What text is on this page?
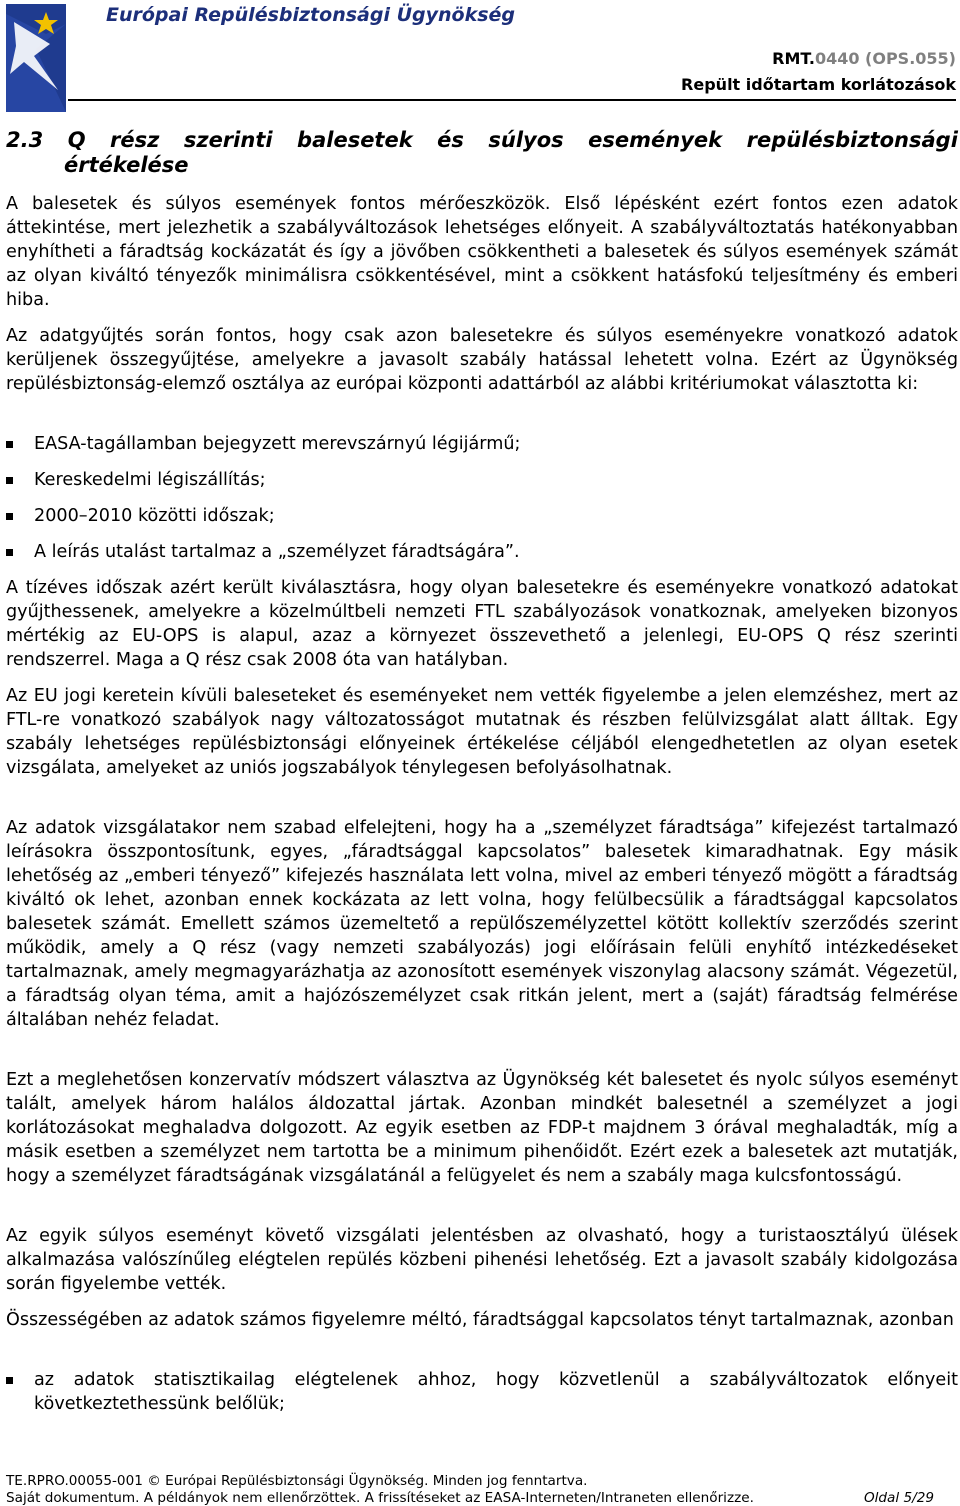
Európai Repülésbiztonsági Ügynökség
RMT.0440 (OPS.055)
Repült időtartam korlátozások
2.3 Q rész szerinti balesetek és súlyos események repülésbiztonsági
értékelése

A balesetek és súlyos események fontos mérőeszközök. Első lépésként ezért fontos ezen adatok áttekintése, mert jelezhetik a szabályváltozások lehetséges előnyeit. A szabályváltoztatás hatékonyabban enyhítheti a fáradtság kockázatát és így a jövőben csökkentheti a balesetek és súlyos események számát az olyan kiváltó tényezők minimálisra csökkentésével, mint a csökkent hatásfokú teljesítmény és emberi hiba.

Az adatgyűjtés során fontos, hogy csak azon balesetekre és súlyos eseményekre vonatkozó adatok kerüljenek összegyűjtése, amelyekre a javasolt szabály hatással lehetett volna. Ezért az Ügynökség repülésbiztonság-elemző osztálya az európai központi adattárból az alábbi kritériumokat választotta ki:

EASA-tagállamban bejegyzett merevszárnyú légijármű;
Kereskedelmi légiszállítás;
2000–2010 közötti időszak;
A leírás utalást tartalmaz a „személyzet fáradtságára”.

A tízéves időszak azért került kiválasztásra, hogy olyan balesetekre és eseményekre vonatkozó adatokat gyűjthessenek, amelyekre a közelmúltbeli nemzeti FTL szabályozások vonatkoznak, amelyeken bizonyos mértékig az EU-OPS is alapul, azaz a környezet összevethető a jelenlegi, EU-OPS Q rész szerinti rendszerrel. Maga a Q rész csak 2008 óta van hatályban.

Az EU jogi keretein kívüli baleseteket és eseményeket nem vették figyelembe a jelen elemzéshez, mert az FTL-re vonatkozó szabályok nagy változatosságot mutatnak és részben felülvizsgálat alatt álltak. Egy szabály lehetséges repülésbiztonsági előnyeinek értékelése céljából elengedhetetlen az olyan esetek vizsgálata, amelyeket az uniós jogszabályok ténylegesen befolyásolhatnak.

Az adatok vizsgálatakor nem szabad elfelejteni, hogy ha a „személyzet fáradtsága” kifejezést tartalmazó leírásokra összpontosítunk, egyes, „fáradtsággal kapcsolatos” balesetek kimaradhatnak. Egy másik lehetőség az „emberi tényező” kifejezés használata lett volna, mivel az emberi tényező mögött a fáradtság kiváltó ok lehet, azonban ennek kockázata az lett volna, hogy felülbecsülik a fáradtsággal kapcsolatos balesetek számát. Emellett számos üzemeltető a repülőszemélyzettel kötött kollektív szerződés szerint működik, amely a Q rész (vagy nemzeti szabályozás) jogi előírásain felüli enyhítő intézkedéseket tartalmaznak, amely megmagyarázhatja az azonosított események viszonylag alacsony számát. Végezetül, a fáradtság olyan téma, amit a hajózószemélyzet csak ritkán jelent, mert a (saját) fáradtság felmérése általában nehéz feladat.

Ezt a meglehetősen konzervatív módszert választva az Ügynökség két balesetet és nyolc súlyos eseményt talált, amelyek három halálos áldozattal jártak. Azonban mindkét balesetnél a személyzet a jogi korlátozásokat meghaladva dolgozott. Az egyik esetben az FDP-t majdnem 3 órával meghaladták, míg a másik esetben a személyzet nem tartotta be a minimum pihenőidőt. Ezért ezek a balesetek azt mutatják, hogy a személyzet fáradtságának vizsgálatánál a felügyelet és nem a szabály maga kulcsfontosságú.

Az egyik súlyos eseményt követő vizsgálati jelentésben az olvasható, hogy a turistaosztályú ülések alkalmazása valószínűleg elégtelen repülés közbeni pihenési lehetőség. Ezt a javasolt szabály kidolgozása során figyelembe vették.

Összességében az adatok számos figyelemre méltó, fáradtsággal kapcsolatos tényt tartalmaznak, azonban

az adatok statisztikailag elégtelenek ahhoz, hogy közvetlenül a szabályváltozatok előnyeit következtethessünk belőlük;

TE.RPRO.00055-001 © Európai Repülésbiztonsági Ügynökség. Minden jog fenntartva.
Saját dokumentum. A példányok nem ellenőrzöttek. A frissítéseket az EASA-Interneten/Intraneten ellenőrizze.	Oldal 5/29
